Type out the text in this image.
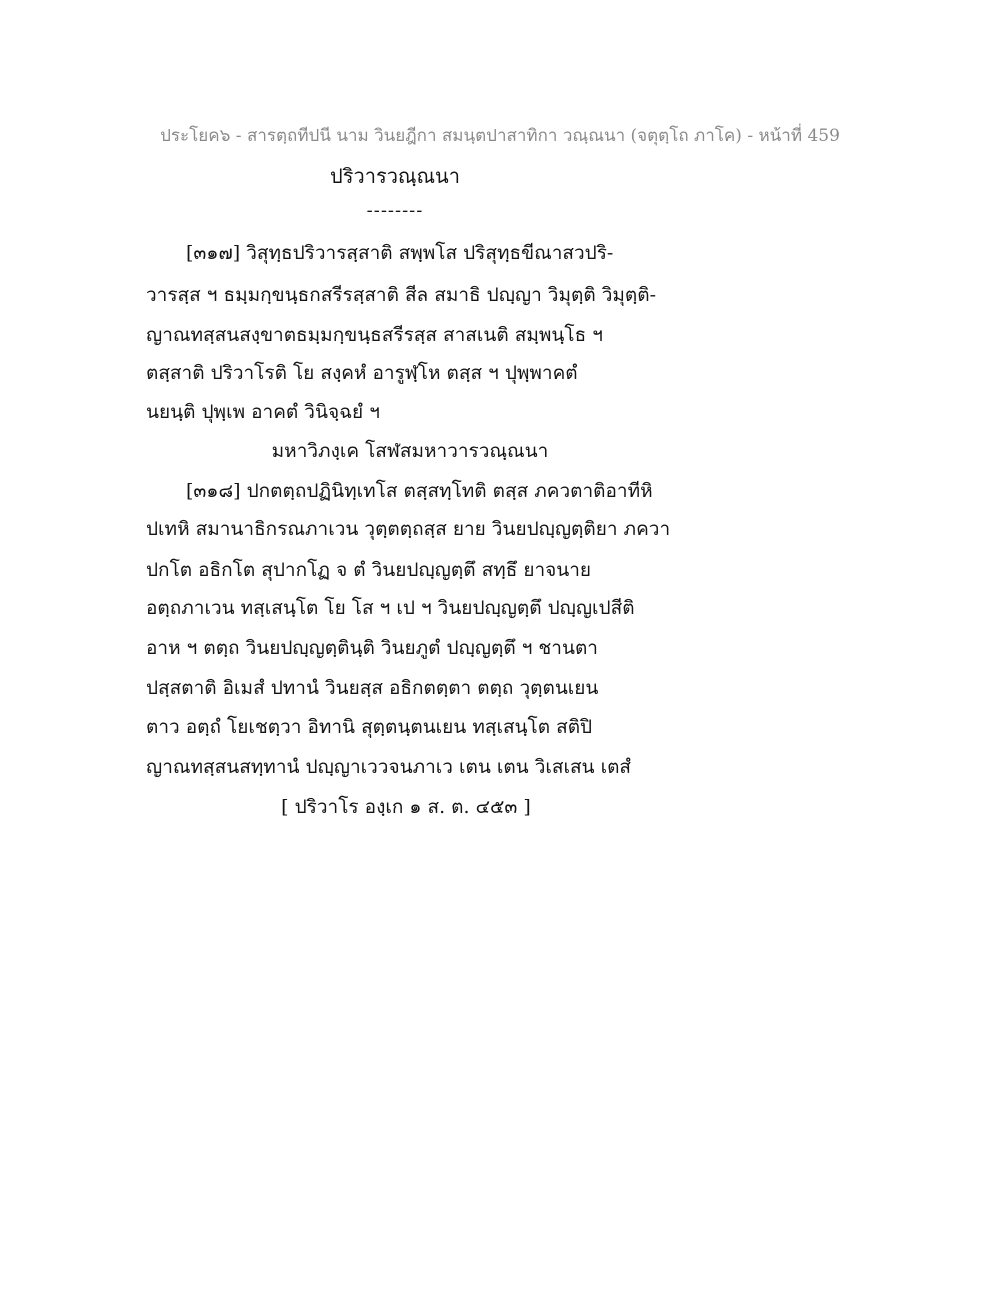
ประโยค๖ - สารตฺถทีปนี นาม วินยฎีกา สมนฺตปาสาทิกา วณฺณนา (จตุตฺโถ ภาโค) - หน้าที่ 459
ปริวารวณฺณนา
--------
[๓๑๗] วิสุทฺธปริวารสฺสาติ สพฺพโส ปริสุทฺธขีณาสวปริ-
วารสฺส ฯ ธมฺมกฺขนฺธกสรีรสฺสาติ สีล สมาธิ ปญฺญา วิมุตฺติ วิมุตฺติ-
ญาณทสฺสนสงฺขาตธมฺมกฺขนฺธสรีรสฺส สาสเนติ สมฺพนฺโธ ฯ
ตสฺสาติ ปริวาโรติ โย สงฺคหํ อารูฬฺโห ตสฺส ฯ ปุพฺพาคตํ
นยนฺติ ปุพฺเพ อาคตํ วินิจฺฉยํ ฯ
มหาวิภงฺเค โสฬสมหาวารวณฺณนา
[๓๑๘] ปกตตฺถปฏินิทฺเทโส ตสฺสทฺโทติ ตสฺส ภควตาติอาทีหิ
ปเทหิ สมานาธิกรณภาเวน วุตฺตตฺถสฺส ยาย วินยปญฺญตฺติยา ภควา
ปกโต อธิกโต สุปากโฏ จ ตํ วินยปญฺญตฺตึ สทฺธึ ยาจนาย
อตฺถภาเวน ทสฺเสนฺโต โย โส ฯ เป ฯ วินยปญฺญตฺตึ ปญฺญเปสีติ
อาห ฯ ตตฺถ วินยปญฺญตฺตินฺติ วินยภูตํ ปญฺญตฺตึ ฯ ชานตา
ปสฺสตาติ อิเมสํ ปทานํ วินยสฺส อธิกตตฺตา ตตฺถ วุตฺตนเยน
ตาว อตฺถํ โยเชตฺวา อิทานิ สุตฺตนฺตนเยน ทสฺเสนฺโต สติปิ
ญาณทสฺสนสทฺทานํ ปญฺญาเววจนภาเว เตน เตน วิเสเสน เตสํ
[ ปริวาโร องฺเก ๑ ส. ต. ๔๕๓ ]
